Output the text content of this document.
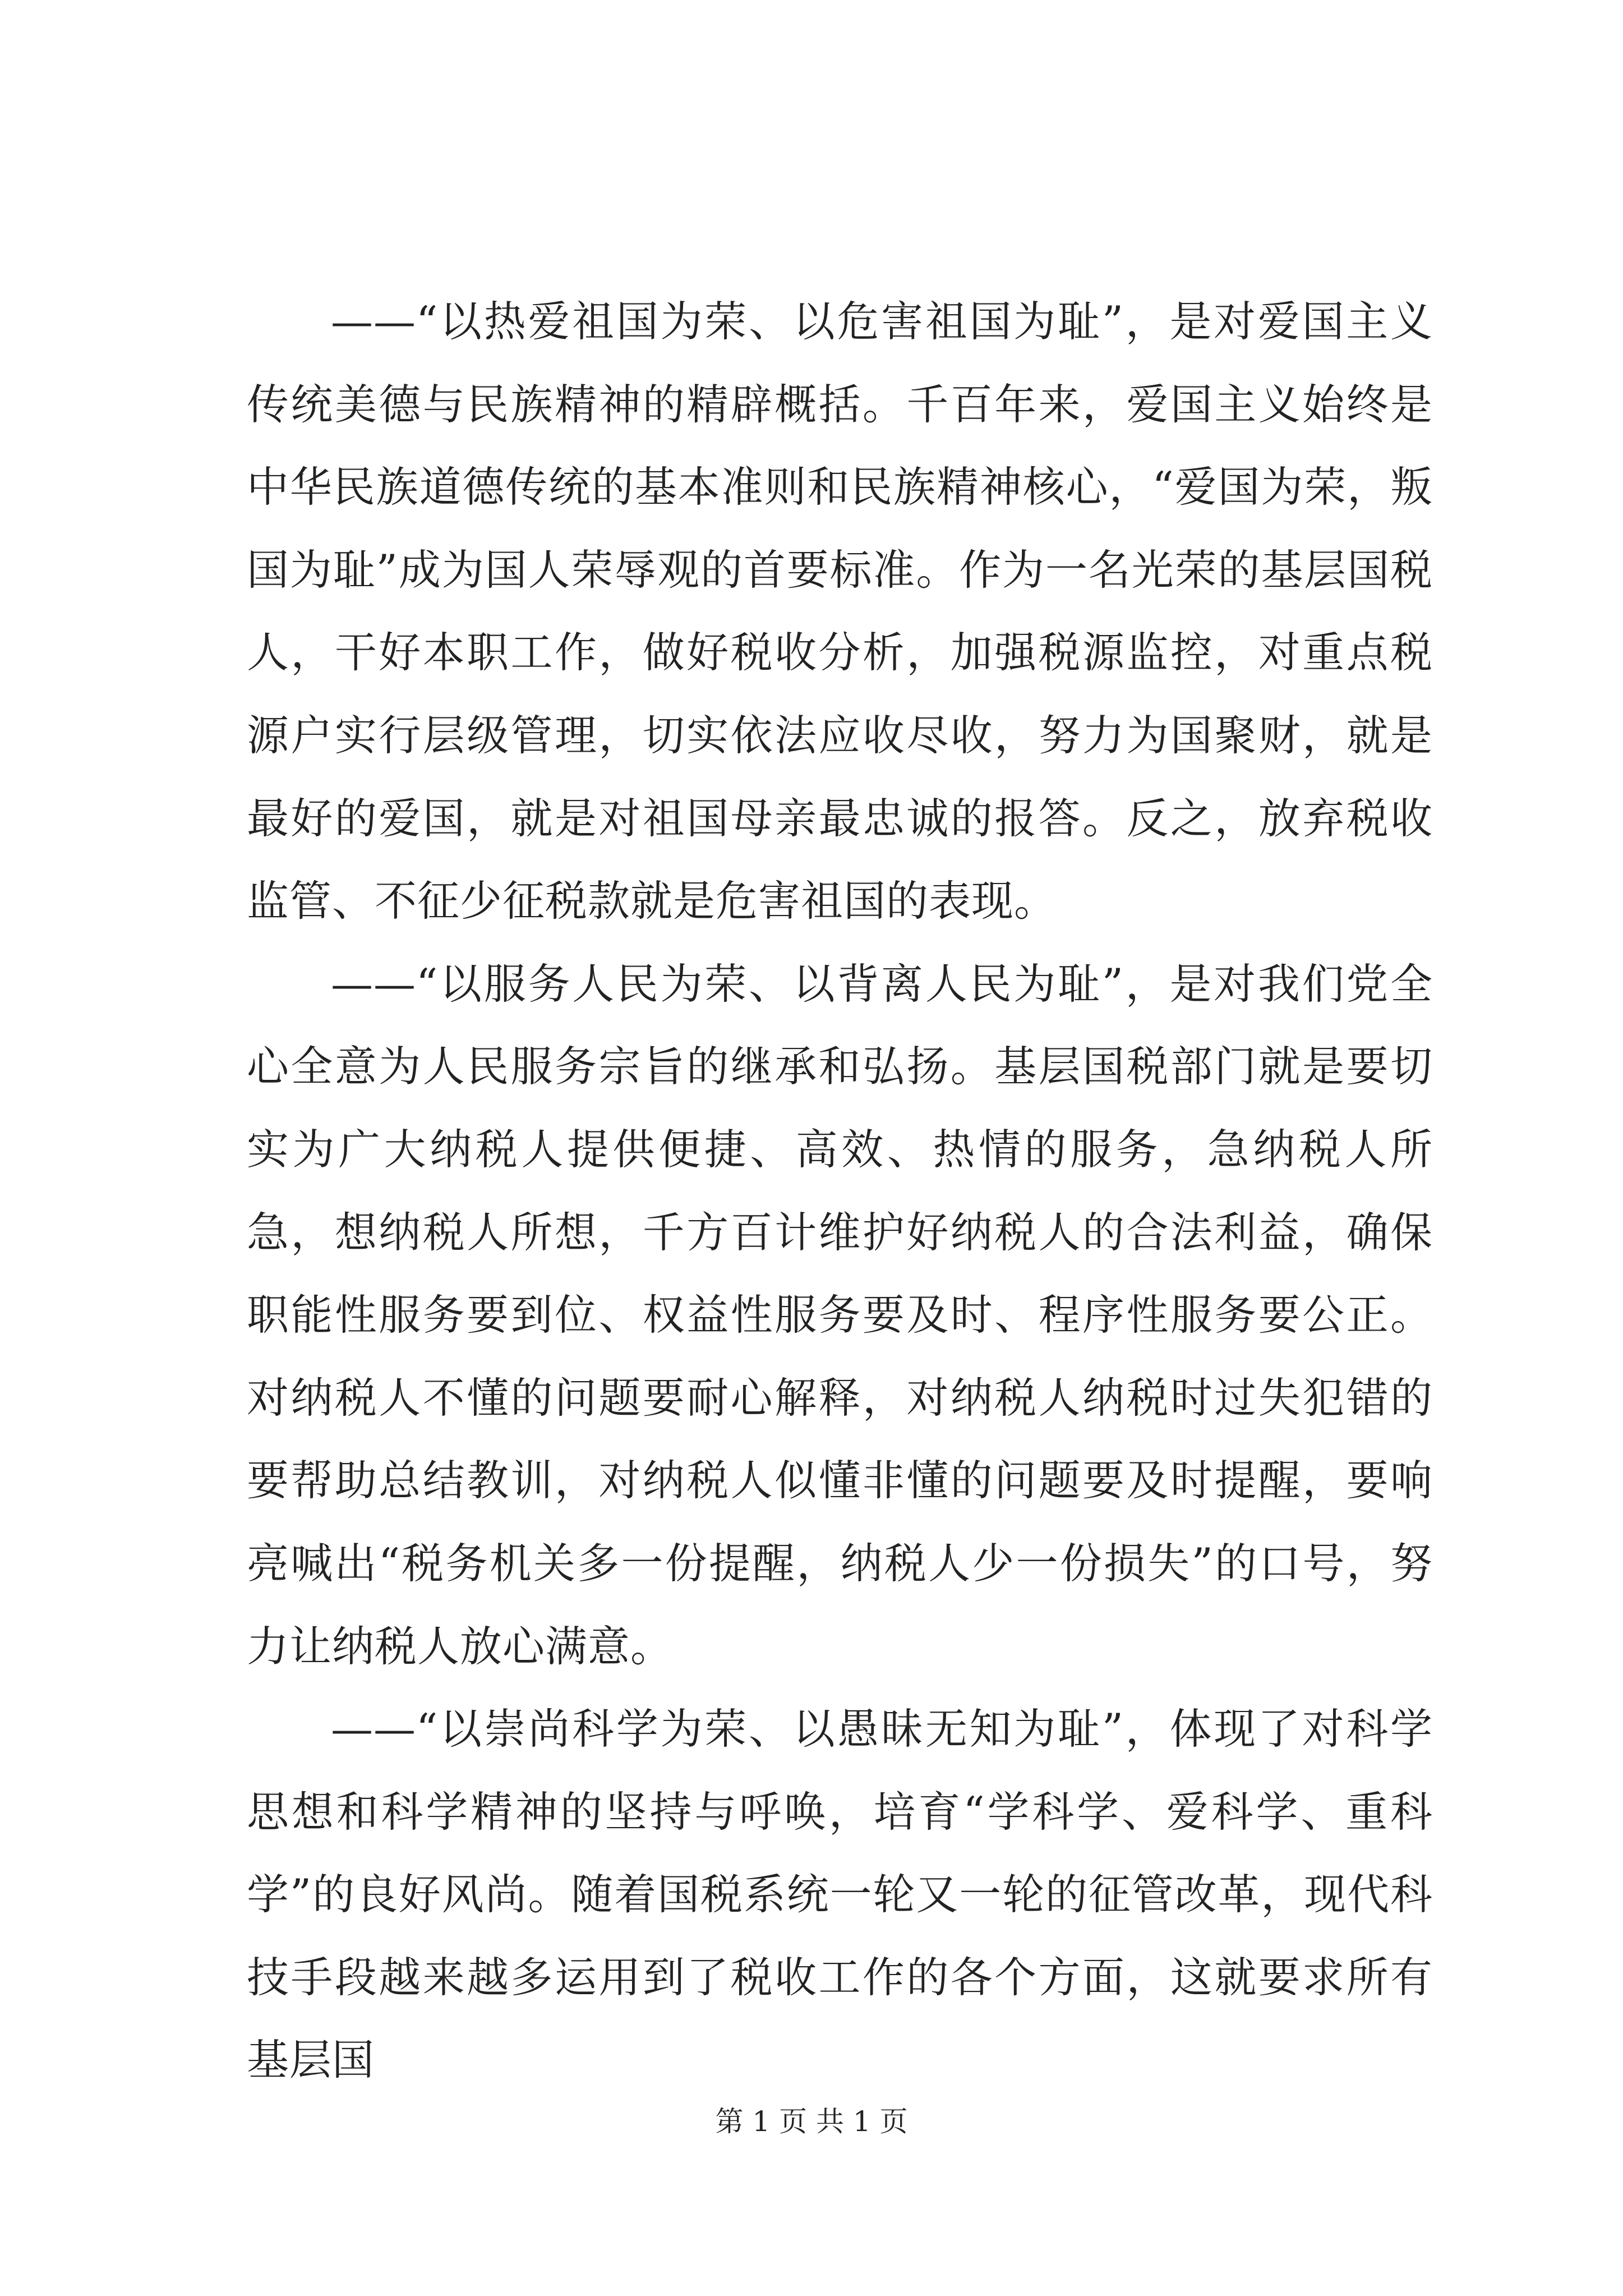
——“以热爱祖国为荣、以危害祖国为耻”，是对爱国主义传统美德与民族精神的精辟概括。千百年来，爱国主义始终是中华民族道德传统的基本准则和民族精神核心，“爱国为荣，叛国为耻”成为国人荣辱观的首要标准。作为一名光荣的基层国税人，干好本职工作，做好税收分析，加强税源监控，对重点税源户实行层级管理，切实依法应收尽收，努力为国聚财，就是最好的爱国，就是对祖国母亲最忠诚的报答。反之，放弃税收监管、不征少征税款就是危害祖国的表现。

——“以服务人民为荣、以背离人民为耻”，是对我们党全心全意为人民服务宗旨的继承和弘扬。基层国税部门就是要切实为广大纳税人提供便捷、高效、热情的服务，急纳税人所急，想纳税人所想，千方百计维护好纳税人的合法利益，确保职能性服务要到位、权益性服务要及时、程序性服务要公正。对纳税人不懂的问题要耐心解释，对纳税人纳税时过失犯错的要帮助总结教训，对纳税人似懂非懂的问题要及时提醒，要响亮喊出“税务机关多一份提醒，纳税人少一份损失”的口号，努力让纳税人放心满意。

——“以崇尚科学为荣、以愚昧无知为耻”，体现了对科学思想和科学精神的坚持与呼唤，培育“学科学、爱科学、重科学”的良好风尚。随着国税系统一轮又一轮的征管改革，现代科技手段越来越多运用到了税收工作的各个方面，这就要求所有基层国

第 1 页 共 1 页
